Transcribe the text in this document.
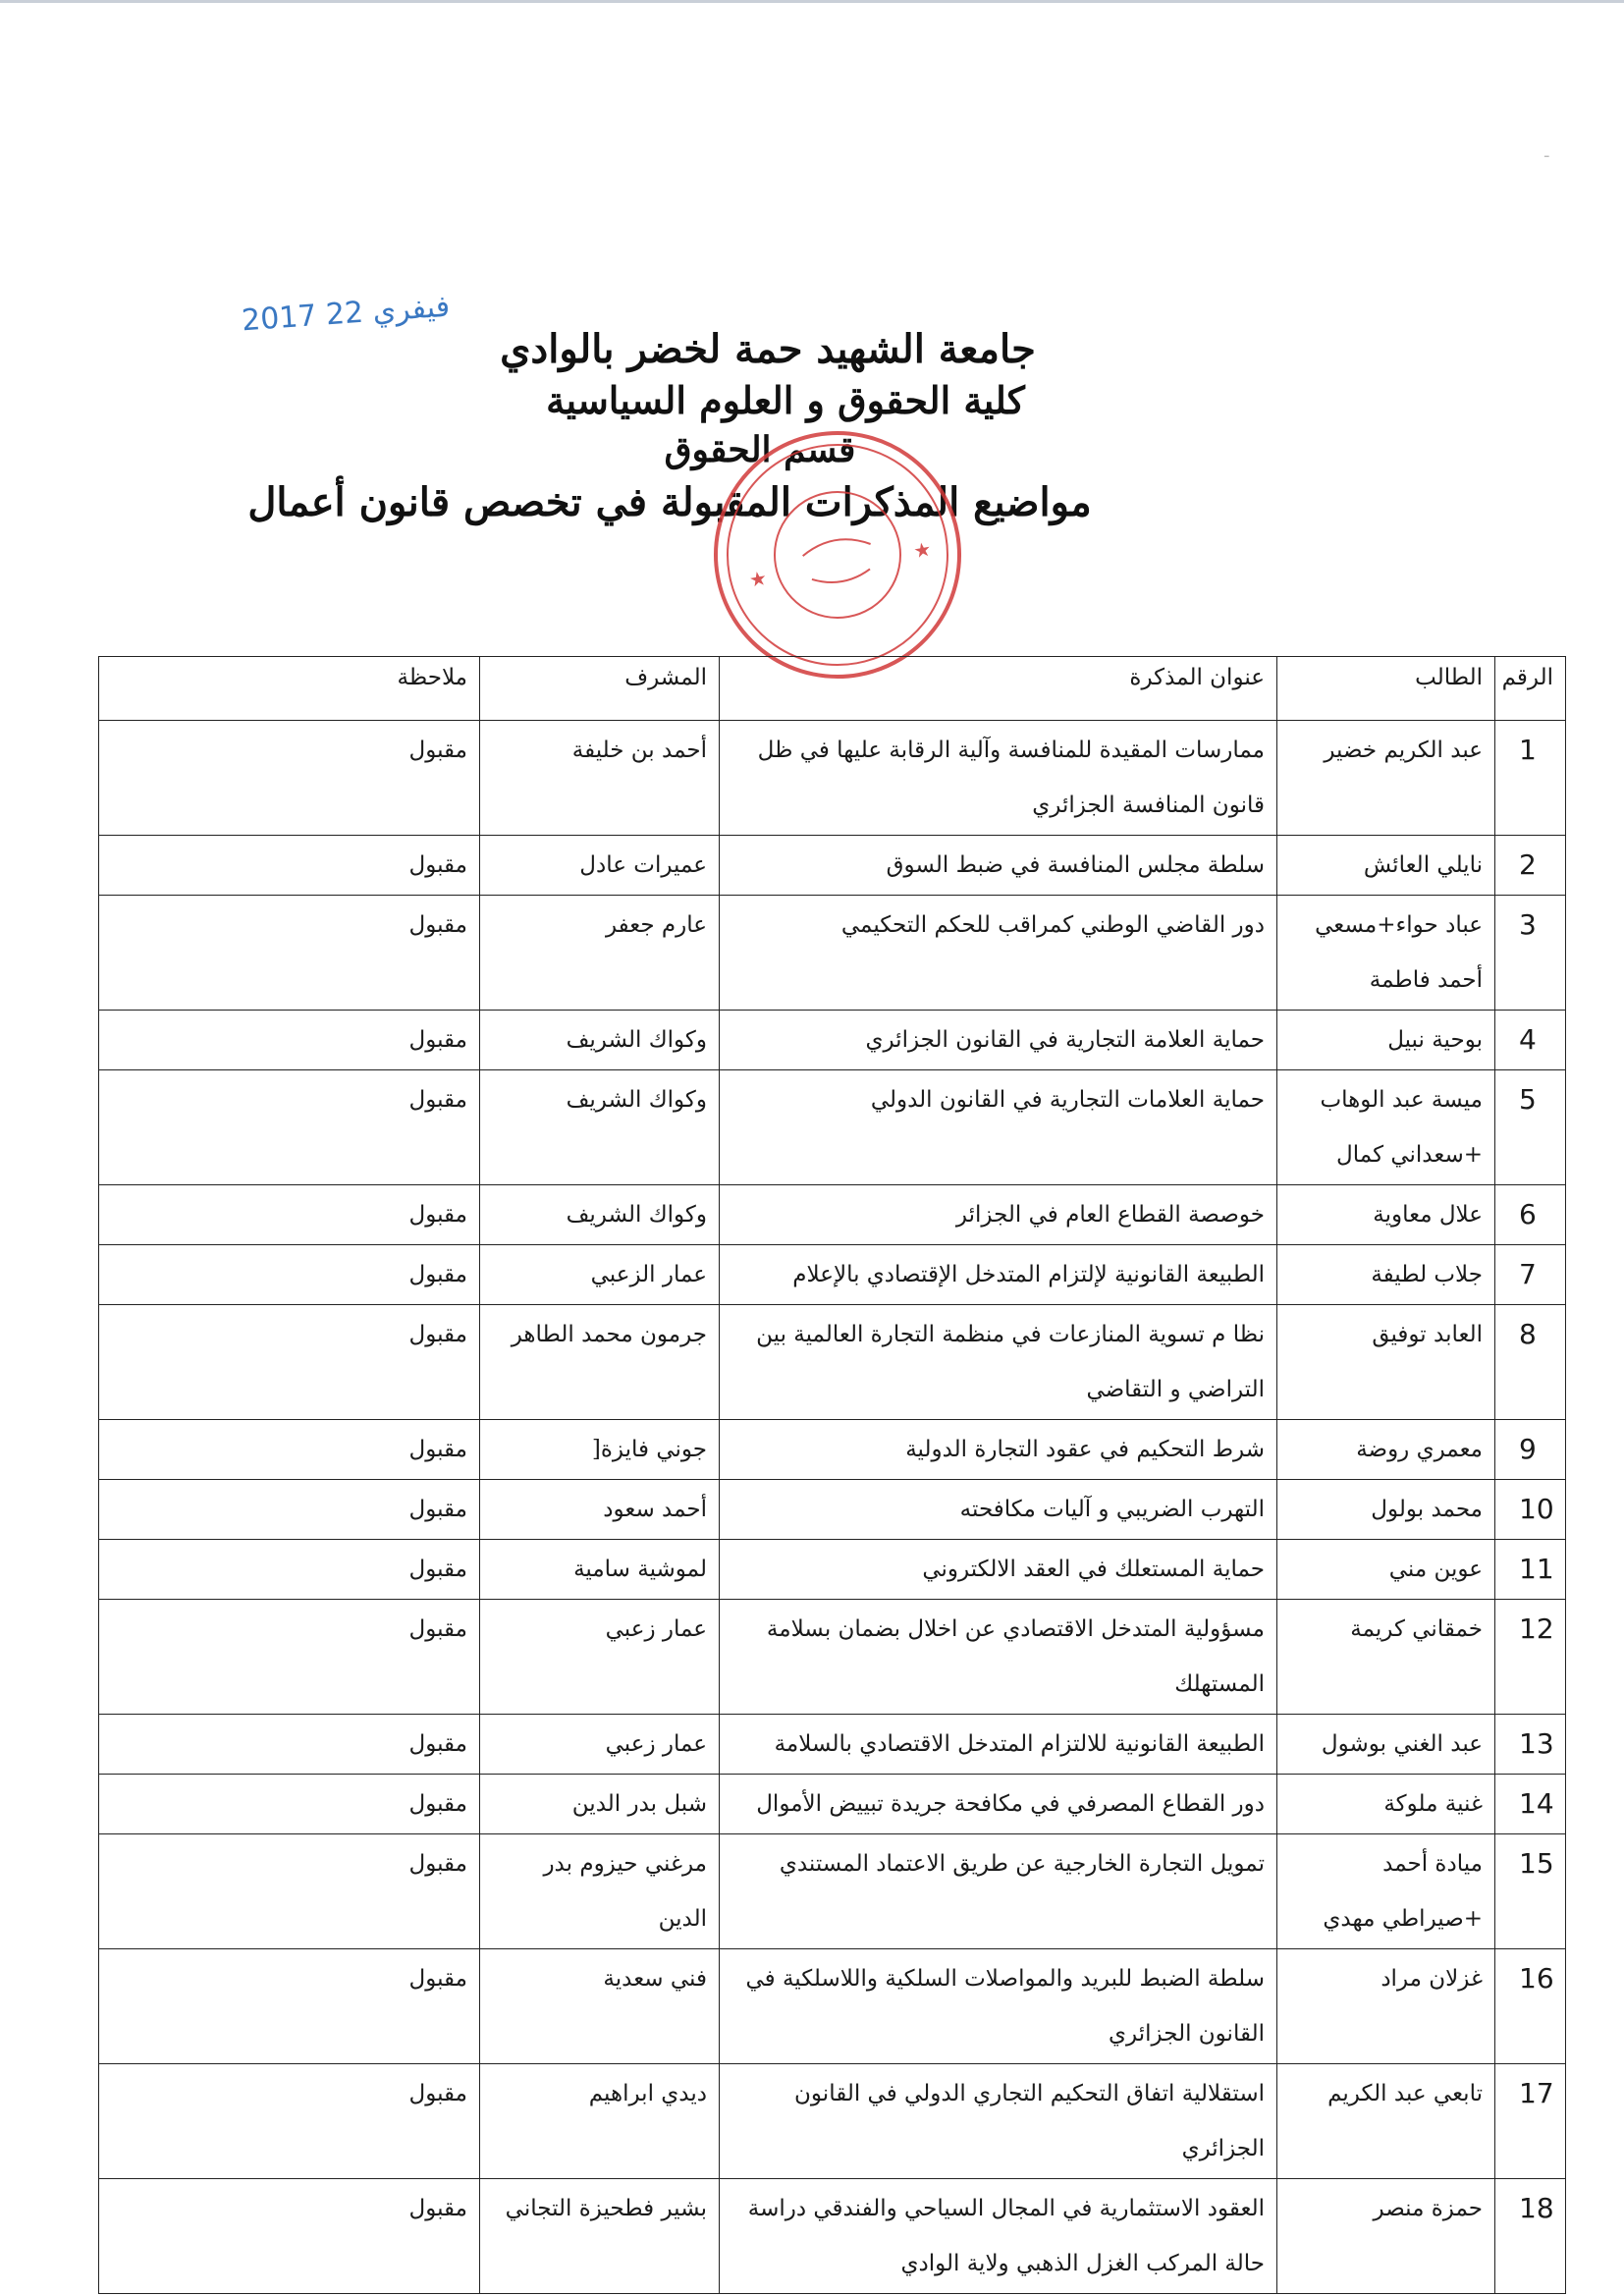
-
2017 فيفري 22
جامعة الشهيد حمة لخضر بالوادي
كلية الحقوق و العلوم السياسية
قسم الحقوق
مواضيع المذكرات المقبولة في تخصص قانون أعمال
★
★
الرقم	الطالب	عنوان المذكرة	المشرف	ملاحظة
1	عبد الكريم خضير	ممارسات المقيدة للمنافسة وآلية الرقابة عليها في ظل قانون المنافسة الجزائري	أحمد بن خليفة	مقبول
2	نايلي العائش	سلطة مجلس المنافسة في ضبط السوق	عميرات عادل	مقبول
3	عباد حواء+مسعي أحمد فاطمة	دور القاضي الوطني كمراقب للحكم التحكيمي	عارم جعفر	مقبول
4	بوحية نبيل	حماية العلامة التجارية في القانون الجزائري	وكواك الشريف	مقبول
5	ميسة عبد الوهاب +سعداني كمال	حماية العلامات التجارية في القانون الدولي	وكواك الشريف	مقبول
6	علال معاوية	خوصصة القطاع العام في الجزائر	وكواك الشريف	مقبول
7	جلاب لطيفة	الطبيعة القانونية لإلتزام المتدخل الإقتصادي بالإعلام	عمار الزعبي	مقبول
8	العابد توفيق	نظا م تسوية المنازعات في منظمة التجارة العالمية بين التراضي و التقاضي	جرمون محمد الطاهر	مقبول
9	معمري روضة	شرط التحكيم في عقود التجارة الدولية	جوني فايزة[	مقبول
10	محمد بولول	التهرب الضريبي و آليات مكافحته	أحمد سعود	مقبول
11	عوين مني	حماية المستعلك في العقد الالكتروني	لموشية سامية	مقبول
12	خمقاني كريمة	مسؤولية المتدخل الاقتصادي عن اخلال بضمان بسلامة المستهلك	عمار زعبي	مقبول
13	عبد الغني بوشول	الطبيعة القانونية للالتزام المتدخل الاقتصادي بالسلامة	عمار زعبي	مقبول
14	غنية ملوكة	دور القطاع المصرفي في مكافحة جريدة تبييض الأموال	شبل بدر الدين	مقبول
15	ميادة أحمد +صيراطي مهدي	تمويل التجارة الخارجية عن طريق الاعتماد المستندي	مرغني حيزوم بدر الدين	مقبول
16	غزلان مراد	سلطة الضبط للبريد والمواصلات السلكية واللاسلكية في القانون الجزائري	فني سعدية	مقبول
17	تابعي عبد الكريم	استقلالية اتفاق التحكيم التجاري الدولي في القانون الجزائري	ديدي ابراهيم	مقبول
18	حمزة منصر	العقود الاستثمارية في المجال السياحي والفندقي دراسة حالة المركب الغزل الذهبي ولاية الوادي	بشير فطحيزة التجاني	مقبول
